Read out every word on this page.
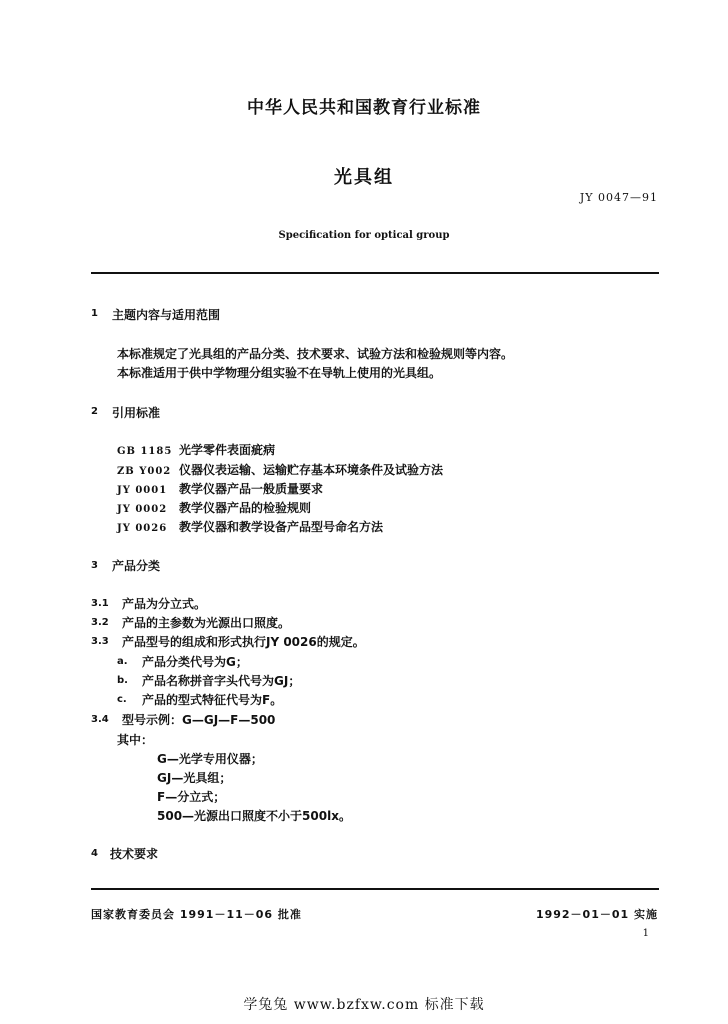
中华人民共和国教育行业标准
光具组
JY 0047—91
Specification for optical group
1 主题内容与适用范围
本标准规定了光具组的产品分类、技术要求、试验方法和检验规则等内容。
本标准适用于供中学物理分组实验不在导轨上使用的光具组。
2 引用标准
GB 1185 光学零件表面疵病
ZB Y002 仪器仪表运输、运输贮存基本环境条件及试验方法
JY 0001 教学仪器产品一般质量要求
JY 0002 教学仪器产品的检验规则
JY 0026 教学仪器和教学设备产品型号命名方法
3 产品分类
3.1 产品为分立式。
3.2 产品的主参数为光源出口照度。
3.3 产品型号的组成和形式执行JY 0026的规定。
a. 产品分类代号为G；
b. 产品名称拼音字头代号为GJ；
c. 产品的型式特征代号为F。
3.4 型号示例：G—GJ—F—500
其中：
G—光学专用仪器；
GJ—光具组；
F—分立式；
500—光源出口照度不小于500lx。
4 技术要求
国家教育委员会 1991－11－06 批准	1992－01－01 实施
1
学兔兔 www.bzfxw.com 标准下载
